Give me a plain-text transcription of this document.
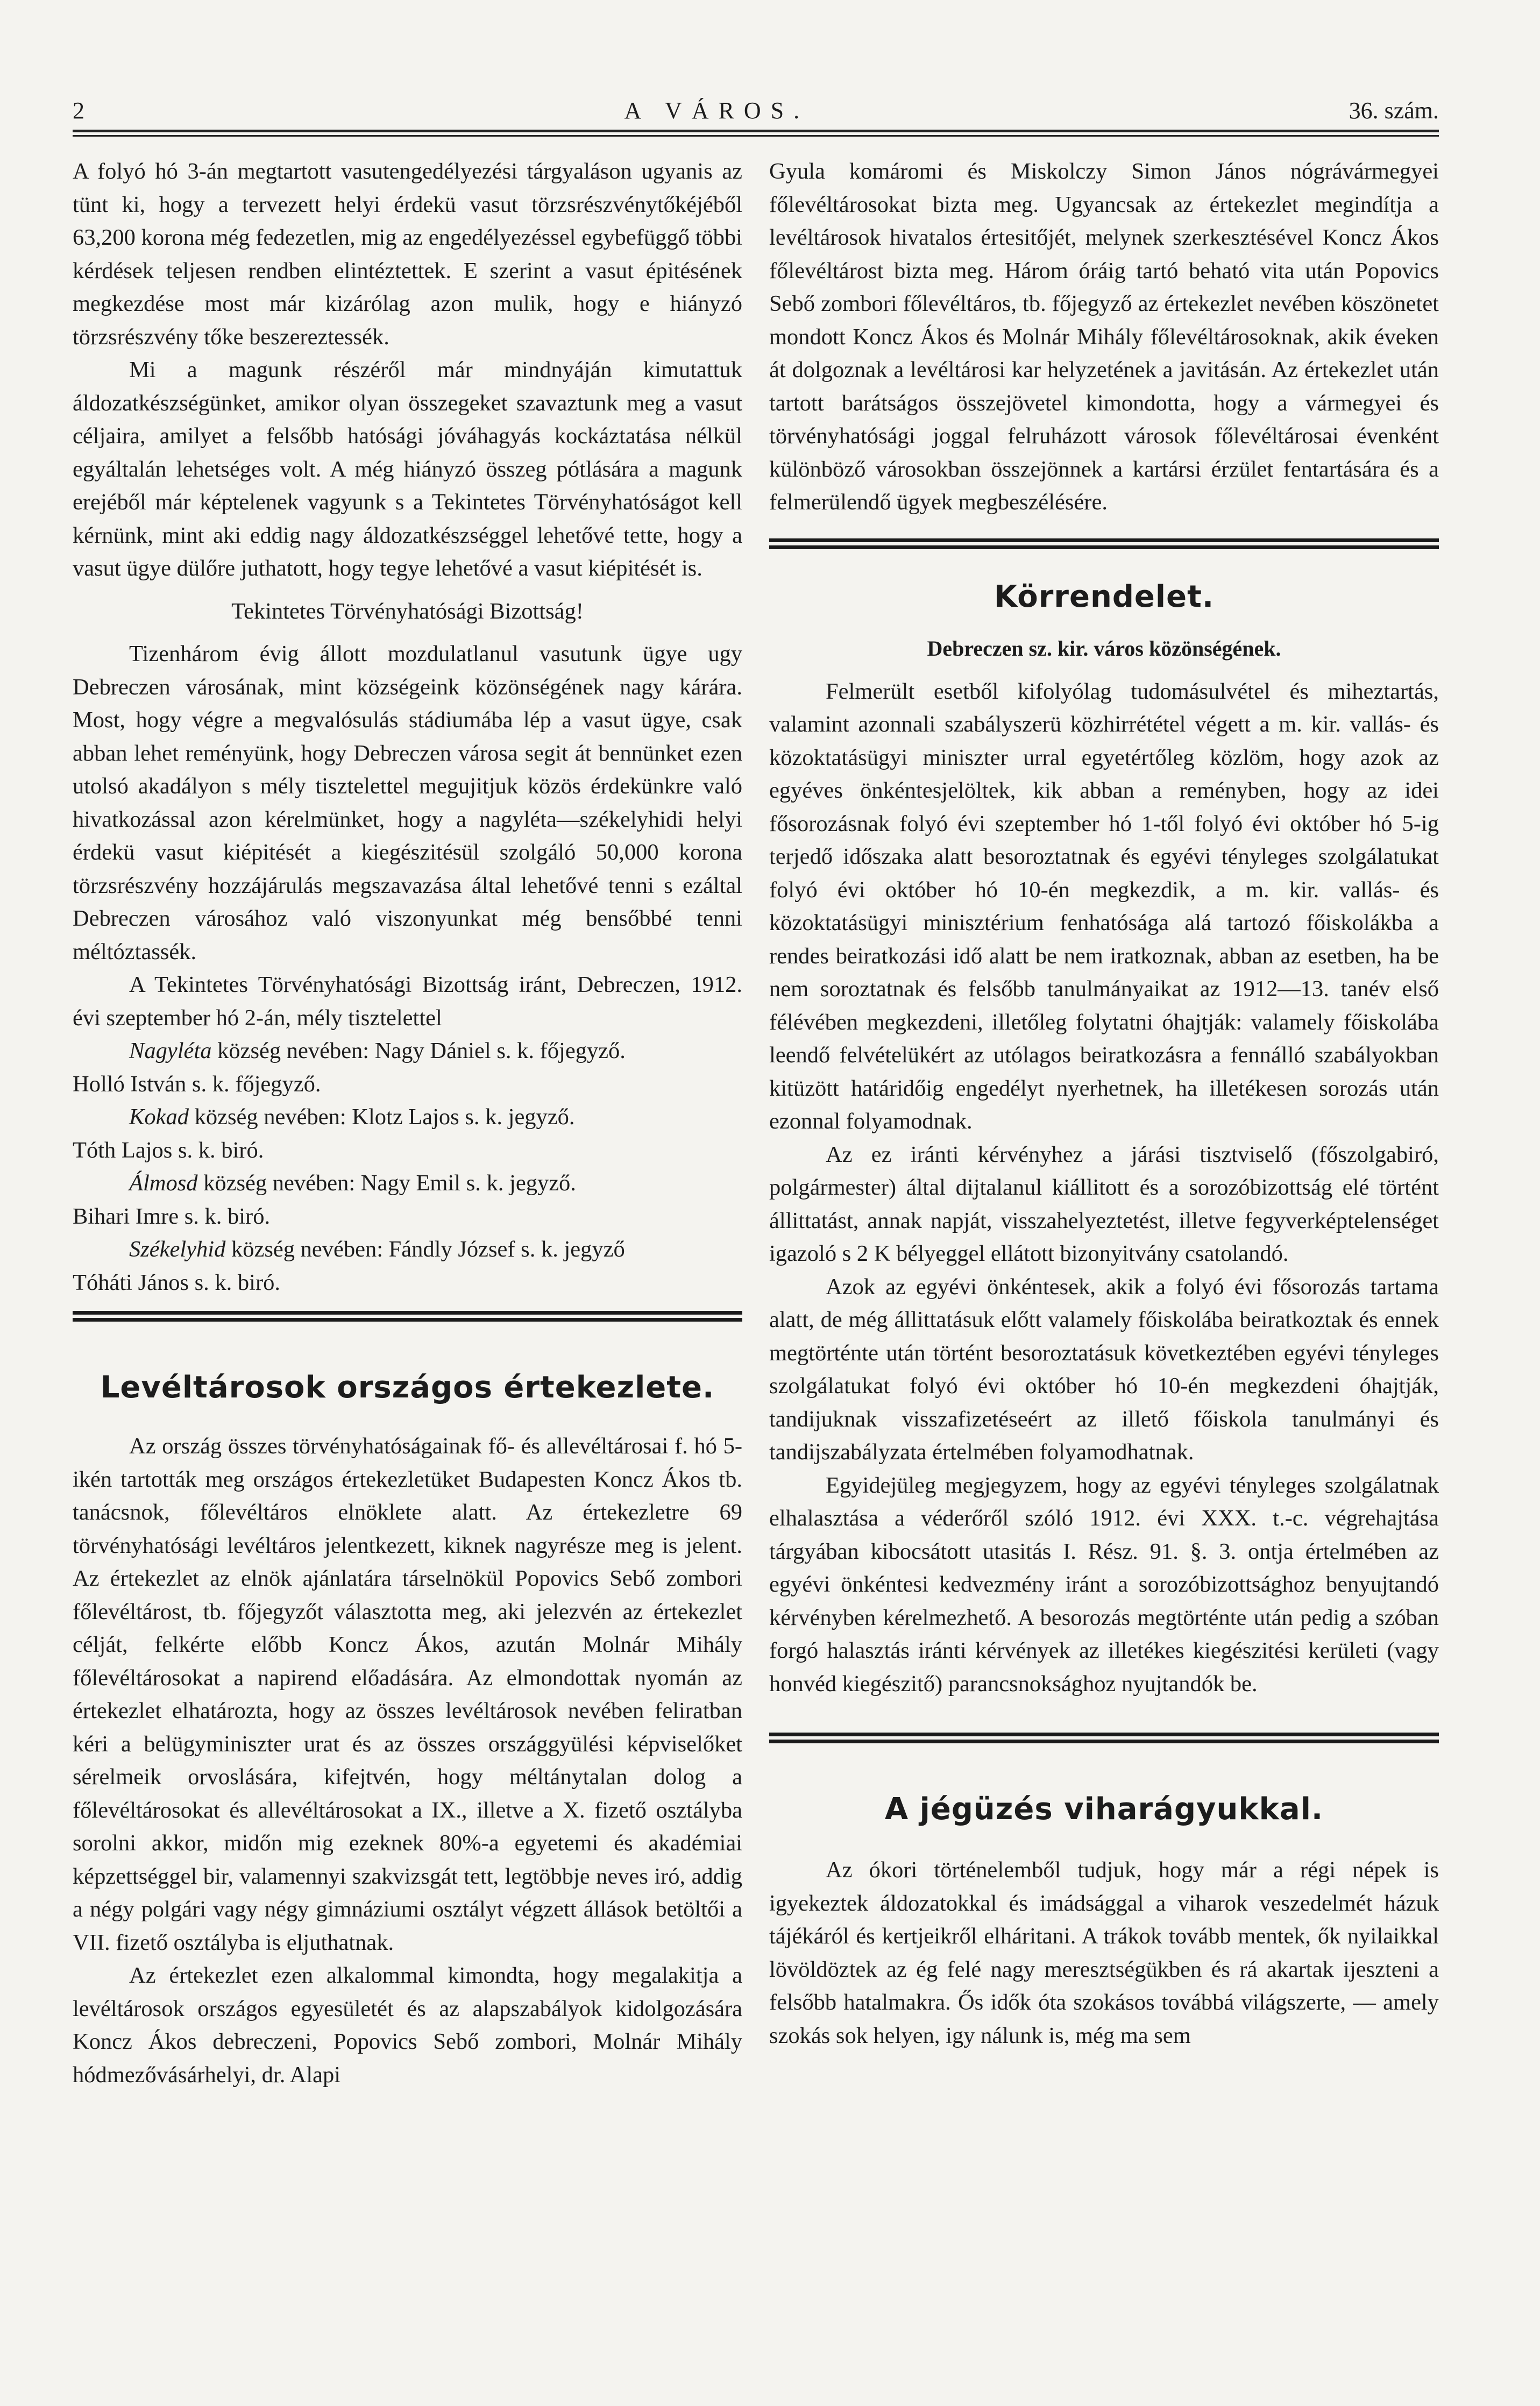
2	A VÁROS.	36. szám.

A folyó hó 3-án megtartott vasutengedélyezési tárgyaláson ugyanis az tünt ki, hogy a tervezett helyi érdekü vasut törzsrészvénytőkéjéből 63,200 korona még fedezetlen, mig az engedélyezéssel egybefüggő többi kérdések teljesen rendben elintéztettek. E szerint a vasut épitésének megkezdése most már kizárólag azon mulik, hogy e hiányzó törzsrészvény tőke beszereztessék.

Mi a magunk részéről már mindnyáján kimutattuk áldozatkészségünket, amikor olyan összegeket szavaztunk meg a vasut céljaira, amilyet a felsőbb hatósági jóváhagyás kockáztatása nélkül egyáltalán lehetséges volt. A még hiányzó összeg pótlására a magunk erejéből már képtelenek vagyunk s a Tekintetes Törvényhatóságot kell kérnünk, mint aki eddig nagy áldozatkészséggel lehetővé tette, hogy a vasut ügye dülőre juthatott, hogy tegye lehetővé a vasut kiépitését is.

Tekintetes Törvényhatósági Bizottság!

Tizenhárom évig állott mozdulatlanul vasutunk ügye ugy Debreczen városának, mint községeink közönségének nagy kárára. Most, hogy végre a megvalósulás stádiumába lép a vasut ügye, csak abban lehet reményünk, hogy Debreczen városa segit át bennünket ezen utolsó akadályon s mély tisztelettel megujitjuk közös érdekünkre való hivatkozással azon kérelmünket, hogy a nagyléta—székelyhidi helyi érdekü vasut kiépitését a kiegészitésül szolgáló 50,000 korona törzsrészvény hozzájárulás megszavazása által lehetővé tenni s ezáltal Debreczen városához való viszonyunkat még bensőbbé tenni méltóztassék.

A Tekintetes Törvényhatósági Bizottság iránt, Debreczen, 1912. évi szeptember hó 2-án, mély tisztelettel

Nagyléta község nevében: Nagy Dániel s. k. főjegyző.

Holló István s. k. főjegyző.

Kokad község nevében: Klotz Lajos s. k. jegyző.

Tóth Lajos s. k. biró.

Álmosd község nevében: Nagy Emil s. k. jegyző.

Bihari Imre s. k. biró.

Székelyhid község nevében: Fándly József s. k. jegyző

Tóháti János s. k. biró.

Levéltárosok országos értekezlete.

Az ország összes törvényhatóságainak fő- és allevéltárosai f. hó 5-ikén tartották meg országos értekezletüket Budapesten Koncz Ákos tb. tanácsnok, főlevéltáros elnöklete alatt. Az értekezletre 69 törvényhatósági levéltáros jelentkezett, kiknek nagyrésze meg is jelent. Az értekezlet az elnök ajánlatára társelnökül Popovics Sebő zombori főlevéltárost, tb. főjegyzőt választotta meg, aki jelezvén az értekezlet célját, felkérte előbb Koncz Ákos, azután Molnár Mihály főlevéltárosokat a napirend előadására. Az elmondottak nyomán az értekezlet elhatározta, hogy az összes levéltárosok nevében feliratban kéri a belügyminiszter urat és az összes országgyülési képviselőket sérelmeik orvoslására, kifejtvén, hogy méltánytalan dolog a főlevéltárosokat és allevéltárosokat a IX., illetve a X. fizető osztályba sorolni akkor, midőn mig ezeknek 80%-a egyetemi és akadémiai képzettséggel bir, valamennyi szakvizsgát tett, legtöbbje neves iró, addig a négy polgári vagy négy gimnáziumi osztályt végzett állások betöltői a VII. fizető osztályba is eljuthatnak.

Az értekezlet ezen alkalommal kimondta, hogy megalakitja a levéltárosok országos egyesületét és az alapszabályok kidolgozására Koncz Ákos debreczeni, Popovics Sebő zombori, Molnár Mihály hódmezővásárhelyi, dr. Alapi

Gyula komáromi és Miskolczy Simon János nógrávármegyei főlevéltárosokat bizta meg. Ugyancsak az értekezlet megindítja a levéltárosok hivatalos értesitőjét, melynek szerkesztésével Koncz Ákos főlevéltárost bizta meg. Három óráig tartó beható vita után Popovics Sebő zombori főlevéltáros, tb. főjegyző az értekezlet nevében köszönetet mondott Koncz Ákos és Molnár Mihály főlevéltárosoknak, akik éveken át dolgoznak a levéltárosi kar helyzetének a javitásán. Az értekezlet után tartott barátságos összejövetel kimondotta, hogy a vármegyei és törvényhatósági joggal felruházott városok főlevéltárosai évenként különböző városokban összejönnek a kartársi érzület fentartására és a felmerülendő ügyek megbeszélésére.

Körrendelet.
Debreczen sz. kir. város közönségének.

Felmerült esetből kifolyólag tudomásulvétel és miheztartás, valamint azonnali szabályszerü közhirrététel végett a m. kir. vallás- és közoktatásügyi miniszter urral egyetértőleg közlöm, hogy azok az egyéves önkéntesjelöltek, kik abban a reményben, hogy az idei fősorozásnak folyó évi szeptember hó 1-től folyó évi október hó 5-ig terjedő időszaka alatt besoroztatnak és egyévi tényleges szolgálatukat folyó évi október hó 10-én megkezdik, a m. kir. vallás- és közoktatásügyi minisztérium fenhatósága alá tartozó főiskolákba a rendes beiratkozási idő alatt be nem iratkoznak, abban az esetben, ha be nem soroztatnak és felsőbb tanulmányaikat az 1912—13. tanév első félévében megkezdeni, illetőleg folytatni óhajtják: valamely főiskolába leendő felvételükért az utólagos beiratkozásra a fennálló szabályokban kitüzött határidőig engedélyt nyerhetnek, ha illetékesen sorozás után ezonnal folyamodnak.

Az ez iránti kérvényhez a járási tisztviselő (főszolgabiró, polgármester) által dijtalanul kiállitott és a sorozóbizottság elé történt állittatást, annak napját, visszahelyeztetést, illetve fegyverképtelenséget igazoló s 2 K bélyeggel ellátott bizonyitvány csatolandó.

Azok az egyévi önkéntesek, akik a folyó évi fősorozás tartama alatt, de még állittatásuk előtt valamely főiskolába beiratkoztak és ennek megtörténte után történt besoroztatásuk következtében egyévi tényleges szolgálatukat folyó évi október hó 10-én megkezdeni óhajtják, tandijuknak visszafizetéseért az illető főiskola tanulmányi és tandijszabályzata értelmében folyamodhatnak.

Egyidejüleg megjegyzem, hogy az egyévi tényleges szolgálatnak elhalasztása a véderőről szóló 1912. évi XXX. t.-c. végrehajtása tárgyában kibocsátott utasitás I. Rész. 91. §. 3. ontja értelmében az egyévi önkéntesi kedvezmény iránt a sorozóbizottsághoz benyujtandó kérvényben kérelmezhető. A besorozás megtörténte után pedig a szóban forgó halasztás iránti kérvények az illetékes kiegészitési kerületi (vagy honvéd kiegészitő) parancsnoksághoz nyujtandók be.

A jégüzés viharágyukkal.

Az ókori történelemből tudjuk, hogy már a régi népek is igyekeztek áldozatokkal és imádsággal a viharok veszedelmét házuk tájékáról és kertjeikről elháritani. A trákok tovább mentek, ők nyilaikkal lövöldöztek az ég felé nagy meresztségükben és rá akartak ijeszteni a felsőbb hatalmakra. Ős idők óta szokásos továbbá világszerte, — amely szokás sok helyen, igy nálunk is, még ma sem
